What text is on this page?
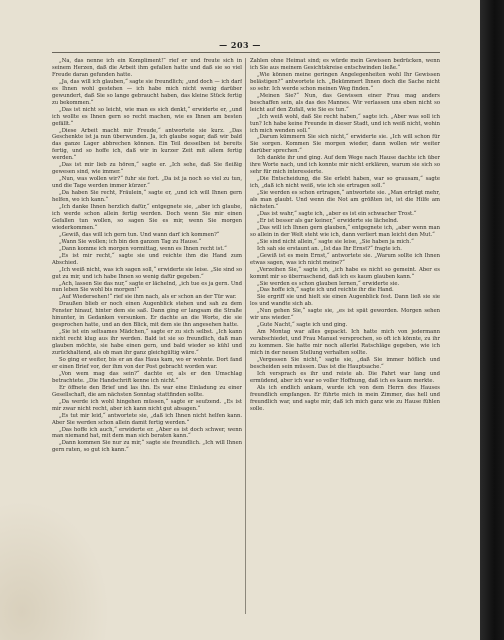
— 203 —

„Na, das nenne ich ein Kompliment!“ rief er und freute sich in seinem Herzen, daß die Arbeit ihm gefallen hatte und daß sie so viel Freude daran gefunden hatte.

„Ja, das will ich glauben,“ sagte sie freundlich; „und doch — ich darf es Ihnen wohl gestehen — ich habe mich nicht wenig darüber gewundert, daß Sie so lange gebraucht haben, das kleine Stück fertig zu bekommen.“

„Das ist nicht so leicht, wie man es sich denkt,“ erwiderte er, „und ich wollte es Ihnen gern so recht machen, wie es Ihnen am besten gefällt.“

„Diese Arbeit macht mir Freude,“ antwortete sie kurz. „Das Geschenkte ist ja nun überwunden. Ja, ich glaube sogar, daß wir bald das ganze Lager abbrechen können. Ein Teil desselben ist bereits fertig, und so hoffe ich, daß wir in kurzer Zeit mit allem fertig werden.“

„Das ist mir lieb zu hören,“ sagte er. „Ich sehe, daß Sie fleißig gewesen sind, wie immer.“

„Nun, was wollen wir?“ fuhr sie fort. „Da ist ja noch so viel zu tun, und die Tage werden immer kürzer.“

„Da haben Sie recht, Fräulein,“ sagte er, „und ich will Ihnen gern helfen, wo ich kann.“

„Ich danke Ihnen herzlich dafür,“ entgegnete sie, „aber ich glaube, ich werde schon allein fertig werden. Doch wenn Sie mir einen Gefallen tun wollen, so sagen Sie es mir, wenn Sie morgen wiederkommen.“

„Gewiß, das will ich gern tun. Und wann darf ich kommen?“

„Wann Sie wollen; ich bin den ganzen Tag zu Hause.“

„Dann komme ich morgen vormittag, wenn es Ihnen recht ist.“

„Es ist mir recht,“ sagte sie und reichte ihm die Hand zum Abschied.

„Ich weiß nicht, was ich sagen soll,“ erwiderte sie leise. „Sie sind so gut zu mir, und ich habe Ihnen so wenig dafür gegeben.“

„Ach, lassen Sie das nur,“ sagte er lächelnd, „ich tue es ja gern. Und nun leben Sie wohl bis morgen!“

„Auf Wiedersehen!“ rief sie ihm nach, als er schon an der Tür war.

Draußen blieb er noch einen Augenblick stehen und sah zu dem Fenster hinauf, hinter dem sie saß. Dann ging er langsam die Straße hinunter, in Gedanken versunken. Er dachte an die Worte, die sie gesprochen hatte, und an den Blick, mit dem sie ihn angesehen hatte.

„Sie ist ein seltsames Mädchen,“ sagte er zu sich selbst. „Ich kann nicht recht klug aus ihr werden. Bald ist sie so freundlich, daß man glauben möchte, sie habe einen gern, und bald wieder so kühl und zurückhaltend, als ob man ihr ganz gleichgültig wäre.“

So ging er weiter, bis er an das Haus kam, wo er wohnte. Dort fand er einen Brief vor, der ihm von der Post gebracht worden war.

„Von wem mag das sein?“ dachte er, als er den Umschlag betrachtete. „Die Handschrift kenne ich nicht.“

Er öffnete den Brief und las ihn. Es war eine Einladung zu einer Gesellschaft, die am nächsten Sonntag stattfinden sollte.

„Da werde ich wohl hingehen müssen,“ sagte er seufzend. „Es ist mir zwar nicht recht, aber ich kann nicht gut absagen.“

„Es tut mir leid,“ antwortete sie, „daß ich Ihnen nicht helfen kann. Aber Sie werden schon allein damit fertig werden.“

„Das hoffe ich auch,“ erwiderte er. „Aber es ist doch schwer, wenn man niemand hat, mit dem man sich beraten kann.“

„Dann kommen Sie nur zu mir,“ sagte sie freundlich. „Ich will Ihnen gern raten, so gut ich kann.“

Zahlen ohne Heimat sind; es würde mein Gewissen bedrücken, wenn ich Sie aus meinem Gesichtskreise entschwinden ließe.“

„Wie können meine geringen Angelegenheiten wohl Ihr Gewissen belästigen?“ antwortete ich. „Bekümmert Ihnen doch die Sache nicht so sehr. Ich werde schon meinen Weg finden.“

„Meinen Sie?“ Nun, das Gewissen einer Frau mag anders beschaffen sein, als das des Mannes. Wir verlassen uns eben nicht so leicht auf den Zufall, wie Sie es tun.“

„Ich weiß wohl, daß Sie recht haben,“ sagte ich. „Aber was soll ich tun? Ich habe keine Freunde in dieser Stadt, und ich weiß nicht, wohin ich mich wenden soll.“

„Darum kümmern Sie sich nicht,“ erwiderte sie. „Ich will schon für Sie sorgen. Kommen Sie morgen wieder, dann wollen wir weiter darüber sprechen.“

Ich dankte ihr und ging. Auf dem Wege nach Hause dachte ich über ihre Worte nach, und ich konnte mir nicht erklären, warum sie sich so sehr für mich interessierte.

„Die Entscheidung, die Sie erlebt haben, war so grausam,“ sagte ich, „daß ich nicht weiß, wie ich sie ertragen soll.“

„Sie werden es schon ertragen,“ antwortete sie. „Man erträgt mehr, als man glaubt. Und wenn die Not am größten ist, ist die Hilfe am nächsten.“

„Das ist wahr,“ sagte ich, „aber es ist ein schwacher Trost.“

„Er ist besser als gar keiner,“ erwiderte sie lächelnd.

„Das will ich Ihnen gern glauben,“ entgegnete ich, „aber wenn man so allein in der Welt steht wie ich, dann verliert man leicht den Mut.“

„Sie sind nicht allein,“ sagte sie leise, „Sie haben ja mich.“

Ich sah sie erstaunt an. „Ist das Ihr Ernst?“ fragte ich.

„Gewiß ist es mein Ernst,“ antwortete sie. „Warum sollte ich Ihnen etwas sagen, was ich nicht meine?“

„Verzeihen Sie,“ sagte ich, „ich habe es nicht so gemeint. Aber es kommt mir so überraschend, daß ich es kaum glauben kann.“

„Sie werden es schon glauben lernen,“ erwiderte sie.

„Das hoffe ich,“ sagte ich und reichte ihr die Hand.

Sie ergriff sie und hielt sie einen Augenblick fest. Dann ließ sie sie los und wandte sich ab.

„Nun gehen Sie,“ sagte sie, „es ist spät geworden. Morgen sehen wir uns wieder.“

„Gute Nacht,“ sagte ich und ging.

Am Montag war alles gepackt. Ich hatte mich von jedermann verabschiedet, und Frau Manuel versprochen, so oft ich könnte, zu ihr zu kommen. Sie hatte mir noch allerlei Ratschläge gegeben, wie ich mich in der neuen Stellung verhalten sollte.

„Vergessen Sie nicht,“ sagte sie, „daß Sie immer höflich und bescheiden sein müssen. Das ist die Hauptsache.“

Ich versprach es ihr und reiste ab. Die Fahrt war lang und ermüdend, aber ich war so voller Hoffnung, daß ich es kaum merkte.

Als ich endlich ankam, wurde ich von dem Herrn des Hauses freundlich empfangen. Er führte mich in mein Zimmer, das hell und freundlich war, und sagte mir, daß ich mich ganz wie zu Hause fühlen solle.
